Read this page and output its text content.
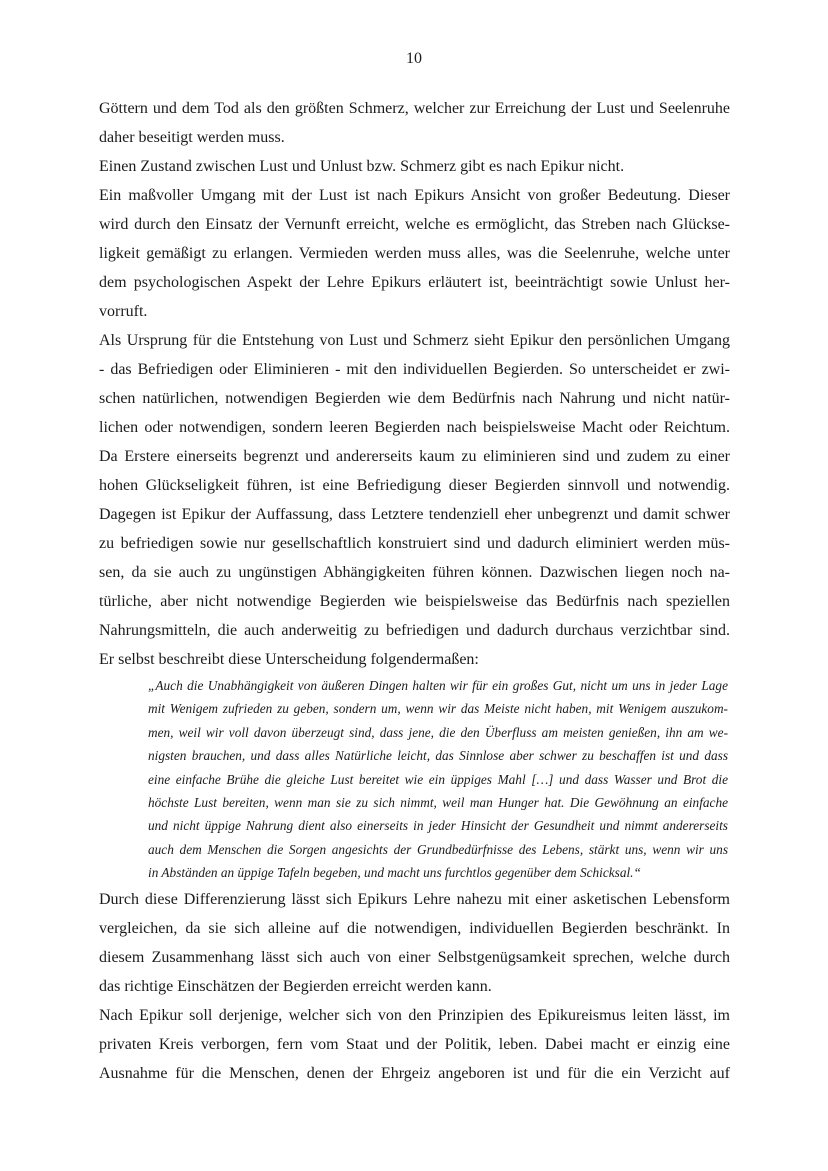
10
Göttern und dem Tod als den größten Schmerz, welcher zur Erreichung der Lust und Seelenruhe
daher beseitigt werden muss.
Einen Zustand zwischen Lust und Unlust bzw. Schmerz gibt es nach Epikur nicht.
Ein maßvoller Umgang mit der Lust ist nach Epikurs Ansicht von großer Bedeutung. Dieser
wird durch den Einsatz der Vernunft erreicht, welche es ermöglicht, das Streben nach Glückse-
ligkeit gemäßigt zu erlangen. Vermieden werden muss alles, was die Seelenruhe, welche unter
dem psychologischen Aspekt der Lehre Epikurs erläutert ist, beeinträchtigt sowie Unlust her-
vorruft.
Als Ursprung für die Entstehung von Lust und Schmerz sieht Epikur den persönlichen Umgang
- das Befriedigen oder Eliminieren - mit den individuellen Begierden. So unterscheidet er zwi-
schen natürlichen, notwendigen Begierden wie dem Bedürfnis nach Nahrung und nicht natür-
lichen oder notwendigen, sondern leeren Begierden nach beispielsweise Macht oder Reichtum.
Da Erstere einerseits begrenzt und andererseits kaum zu eliminieren sind und zudem zu einer
hohen Glückseligkeit führen, ist eine Befriedigung dieser Begierden sinnvoll und notwendig.
Dagegen ist Epikur der Auffassung, dass Letztere tendenziell eher unbegrenzt und damit schwer
zu befriedigen sowie nur gesellschaftlich konstruiert sind und dadurch eliminiert werden müs-
sen, da sie auch zu ungünstigen Abhängigkeiten führen können. Dazwischen liegen noch na-
türliche, aber nicht notwendige Begierden wie beispielsweise das Bedürfnis nach speziellen
Nahrungsmitteln, die auch anderweitig zu befriedigen und dadurch durchaus verzichtbar sind.
Er selbst beschreibt diese Unterscheidung folgendermaßen:
„Auch die Unabhängigkeit von äußeren Dingen halten wir für ein großes Gut, nicht um uns in jeder Lage
mit Wenigem zufrieden zu geben, sondern um, wenn wir das Meiste nicht haben, mit Wenigem auszukom-
men, weil wir voll davon überzeugt sind, dass jene, die den Überfluss am meisten genießen, ihn am we-
nigsten brauchen, und dass alles Natürliche leicht, das Sinnlose aber schwer zu beschaffen ist und dass
eine einfache Brühe die gleiche Lust bereitet wie ein üppiges Mahl […] und dass Wasser und Brot die
höchste Lust bereiten, wenn man sie zu sich nimmt, weil man Hunger hat. Die Gewöhnung an einfache
und nicht üppige Nahrung dient also einerseits in jeder Hinsicht der Gesundheit und nimmt andererseits
auch dem Menschen die Sorgen angesichts der Grundbedürfnisse des Lebens, stärkt uns, wenn wir uns
in Abständen an üppige Tafeln begeben, und macht uns furchtlos gegenüber dem Schicksal.“
Durch diese Differenzierung lässt sich Epikurs Lehre nahezu mit einer asketischen Lebensform
vergleichen, da sie sich alleine auf die notwendigen, individuellen Begierden beschränkt. In
diesem Zusammenhang lässt sich auch von einer Selbstgenügsamkeit sprechen, welche durch
das richtige Einschätzen der Begierden erreicht werden kann.
Nach Epikur soll derjenige, welcher sich von den Prinzipien des Epikureismus leiten lässt, im
privaten Kreis verborgen, fern vom Staat und der Politik, leben. Dabei macht er einzig eine
Ausnahme für die Menschen, denen der Ehrgeiz angeboren ist und für die ein Verzicht auf
